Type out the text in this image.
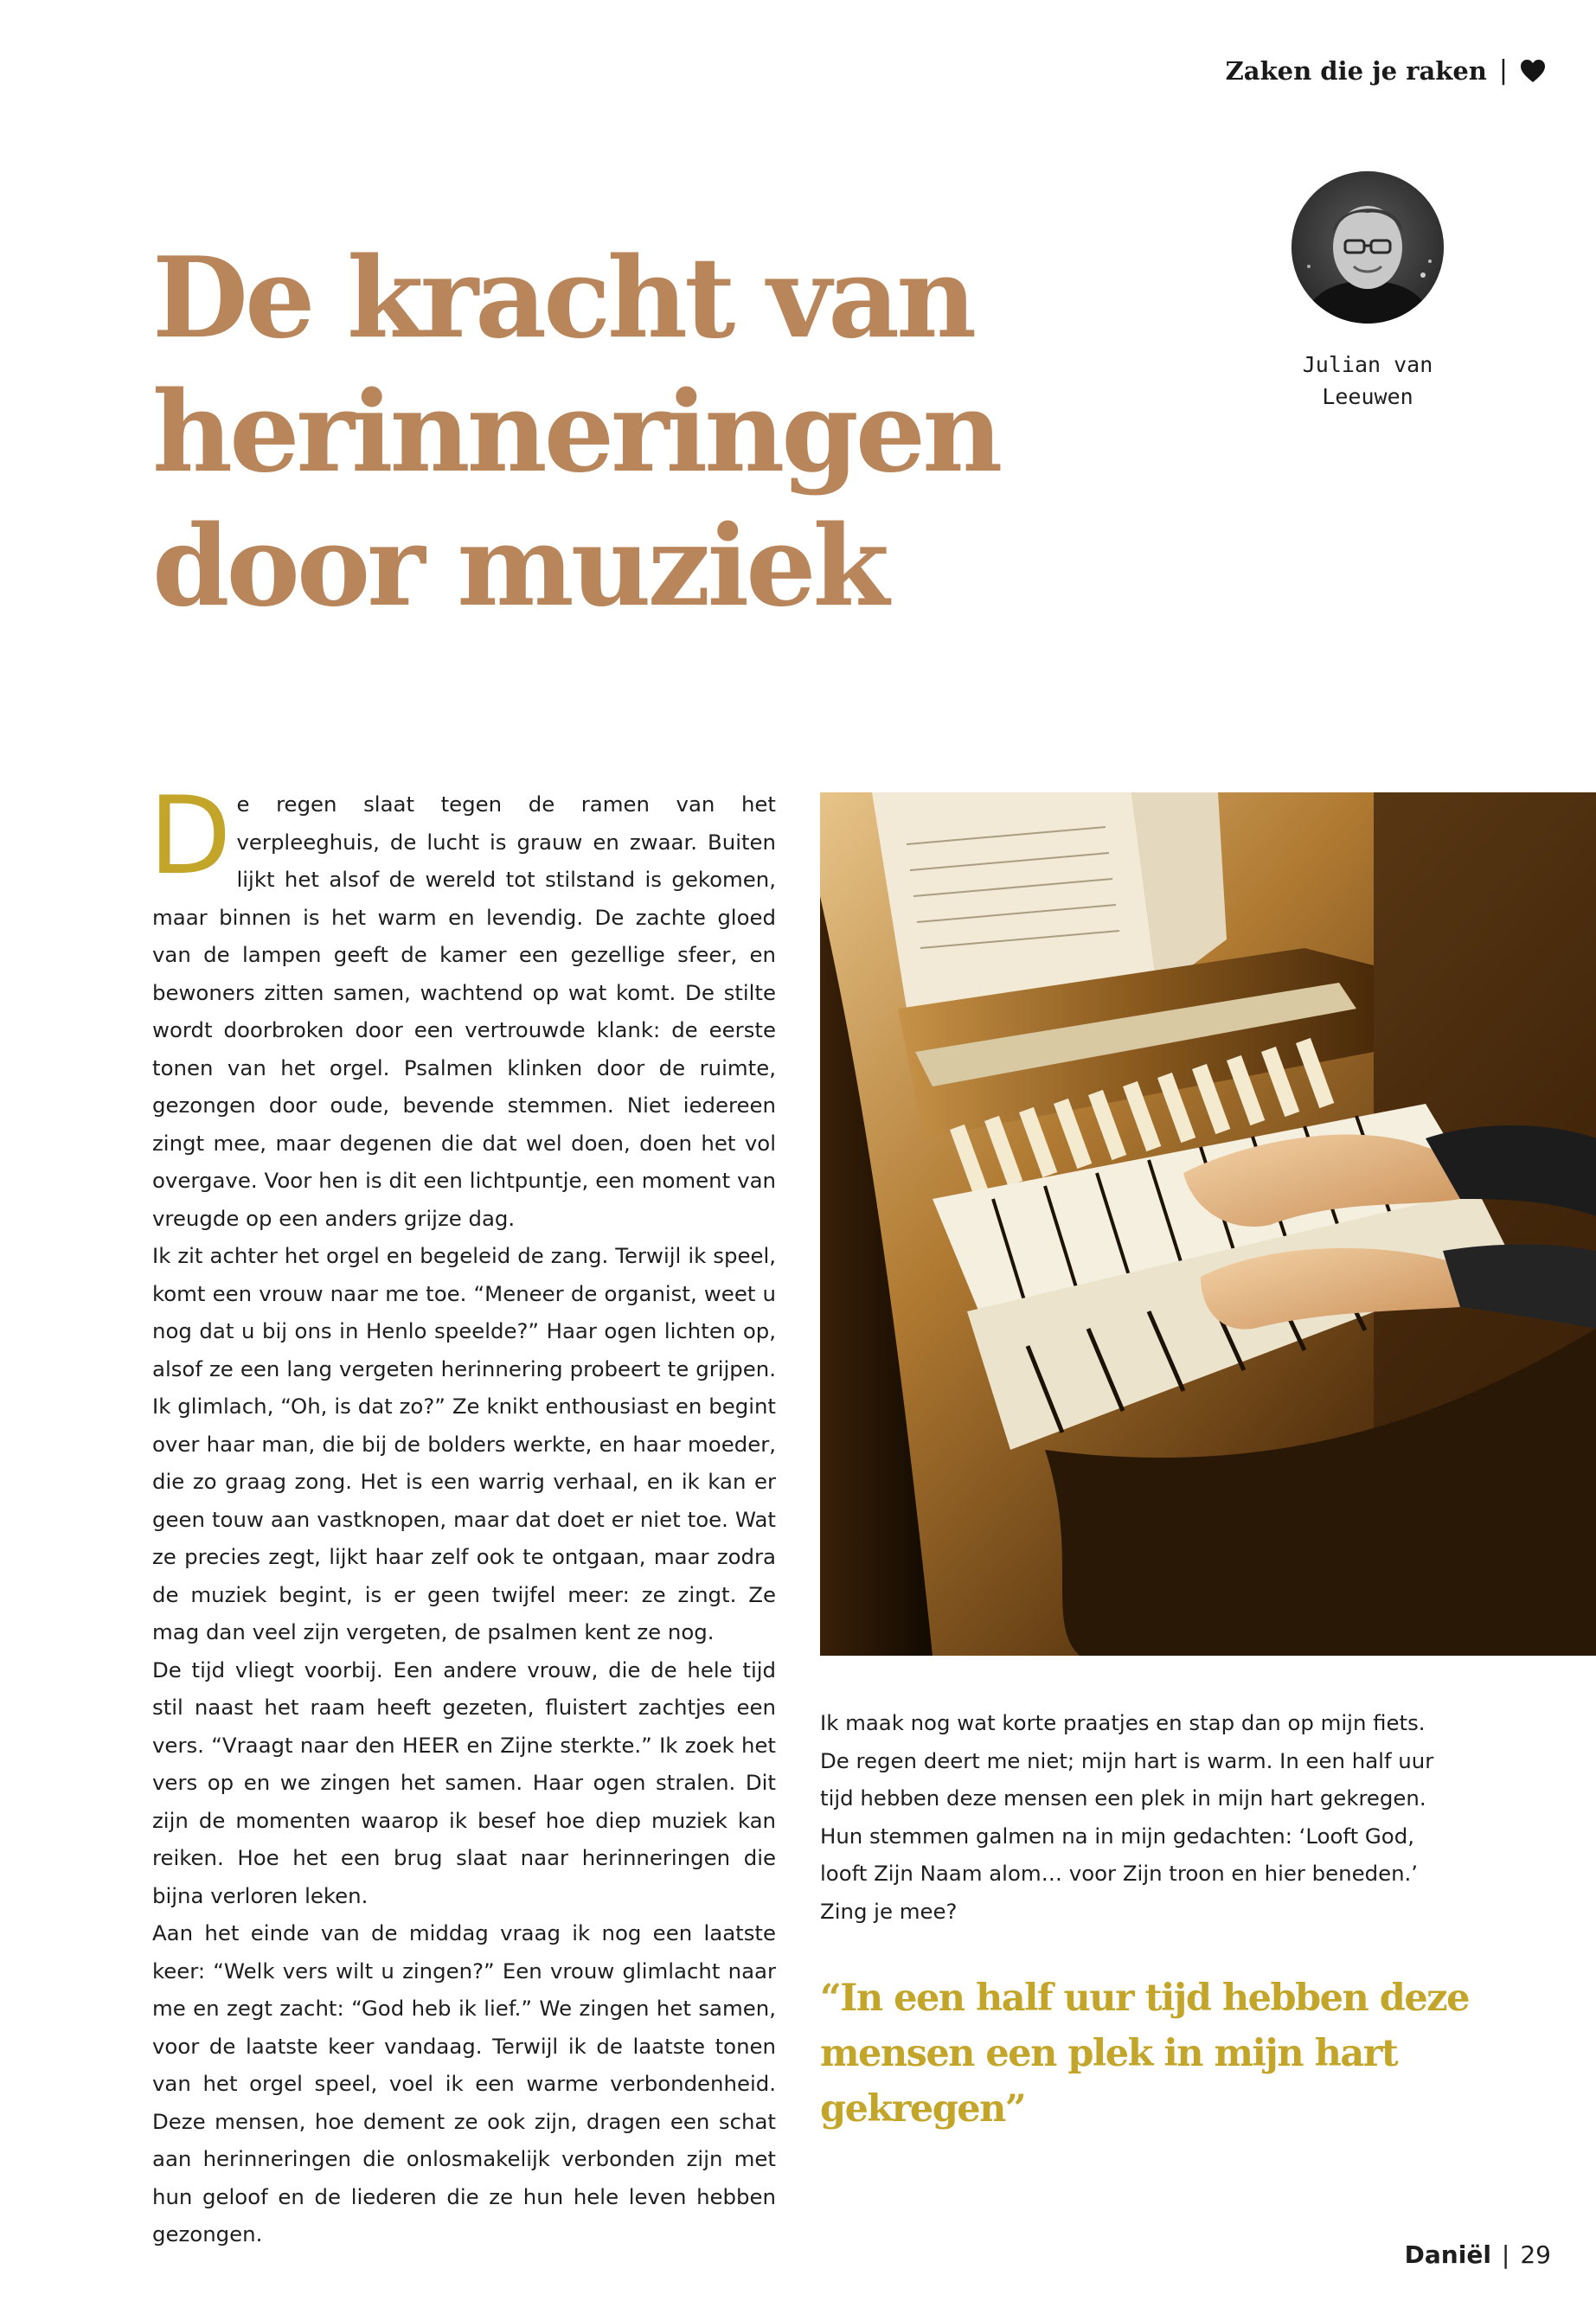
Zaken die je raken |
De kracht van
herinneringen
door muziek
Julian van
Leeuwen

De regen slaat tegen de ramen van het verpleeghuis, de lucht is grauw en zwaar. Buiten lijkt het alsof de wereld tot stilstand is gekomen, maar binnen is het warm en levendig. De zachte gloed van de lampen geeft de kamer een gezellige sfeer, en bewoners zitten samen, wachtend op wat komt. De stilte wordt doorbroken door een vertrouwde klank: de eerste tonen van het orgel. Psalmen klinken door de ruimte, gezongen door oude, bevende stemmen. Niet iedereen zingt mee, maar degenen die dat wel doen, doen het vol overgave. Voor hen is dit een lichtpuntje, een moment van vreugde op een anders grijze dag.

Ik zit achter het orgel en begeleid de zang. Terwijl ik speel, komt een vrouw naar me toe. “Meneer de organist, weet u nog dat u bij ons in Henlo speelde?” Haar ogen lichten op, alsof ze een lang vergeten herinnering probeert te grijpen. Ik glimlach, “Oh, is dat zo?” Ze knikt enthousiast en begint over haar man, die bij de bolders werkte, en haar moeder, die zo graag zong. Het is een warrig verhaal, en ik kan er geen touw aan vastknopen, maar dat doet er niet toe. Wat ze precies zegt, lijkt haar zelf ook te ontgaan, maar zodra de muziek begint, is er geen twijfel meer: ze zingt. Ze mag dan veel zijn vergeten, de psalmen kent ze nog.

De tijd vliegt voorbij. Een andere vrouw, die de hele tijd stil naast het raam heeft gezeten, fluistert zachtjes een vers. “Vraagt naar den HEER en Zijne sterkte.” Ik zoek het vers op en we zingen het samen. Haar ogen stralen. Dit zijn de momenten waarop ik besef hoe diep muziek kan reiken. Hoe het een brug slaat naar herinneringen die bijna verloren leken.

Aan het einde van de middag vraag ik nog een laatste keer: “Welk vers wilt u zingen?” Een vrouw glimlacht naar me en zegt zacht: “God heb ik lief.” We zingen het samen, voor de laatste keer vandaag. Terwijl ik de laatste tonen van het orgel speel, voel ik een warme verbondenheid. Deze mensen, hoe dement ze ook zijn, dragen een schat aan herinneringen die onlosmakelijk verbonden zijn met hun geloof en de liederen die ze hun hele leven hebben gezongen.

Ik maak nog wat korte praatjes en stap dan op mijn fiets. De regen deert me niet; mijn hart is warm. In een half uur tijd hebben deze mensen een plek in mijn hart gekregen. Hun stemmen galmen na in mijn gedachten: ‘Looft God, looft Zijn Naam alom… voor Zijn troon en hier beneden.’ Zing je mee?

“In een half uur tijd hebben deze mensen een plek in mijn hart gekregen”

Daniël | 29
